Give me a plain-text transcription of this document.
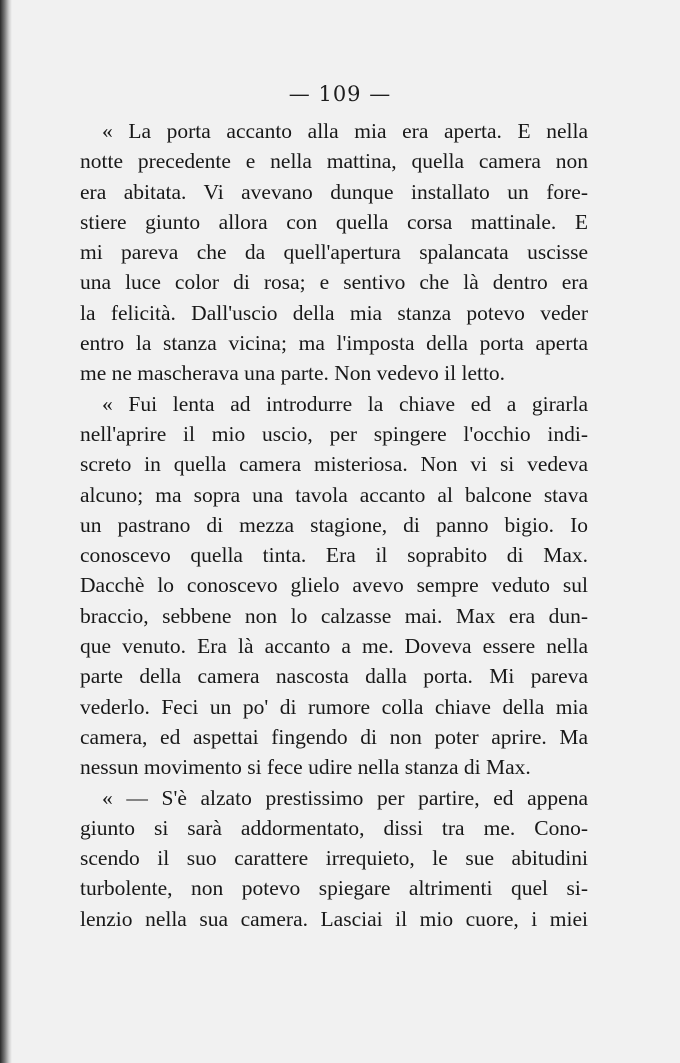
— 109 —
« La porta accanto alla mia era aperta. E nella
notte precedente e nella mattina, quella camera non
era abitata. Vi avevano dunque installato un fore-
stiere giunto allora con quella corsa mattinale. E
mi pareva che da quell'apertura spalancata uscisse
una luce color di rosa; e sentivo che là dentro era
la felicità. Dall'uscio della mia stanza potevo veder
entro la stanza vicina; ma l'imposta della porta aperta
me ne mascherava una parte. Non vedevo il letto.
« Fui lenta ad introdurre la chiave ed a girarla
nell'aprire il mio uscio, per spingere l'occhio indi-
screto in quella camera misteriosa. Non vi si vedeva
alcuno; ma sopra una tavola accanto al balcone stava
un pastrano di mezza stagione, di panno bigio. Io
conoscevo quella tinta. Era il soprabito di Max.
Dacchè lo conoscevo glielo avevo sempre veduto sul
braccio, sebbene non lo calzasse mai. Max era dun-
que venuto. Era là accanto a me. Doveva essere nella
parte della camera nascosta dalla porta. Mi pareva
vederlo. Feci un po' di rumore colla chiave della mia
camera, ed aspettai fingendo di non poter aprire. Ma
nessun movimento si fece udire nella stanza di Max.
« — S'è alzato prestissimo per partire, ed appena
giunto si sarà addormentato, dissi tra me. Cono-
scendo il suo carattere irrequieto, le sue abitudini
turbolente, non potevo spiegare altrimenti quel si-
lenzio nella sua camera. Lasciai il mio cuore, i miei
